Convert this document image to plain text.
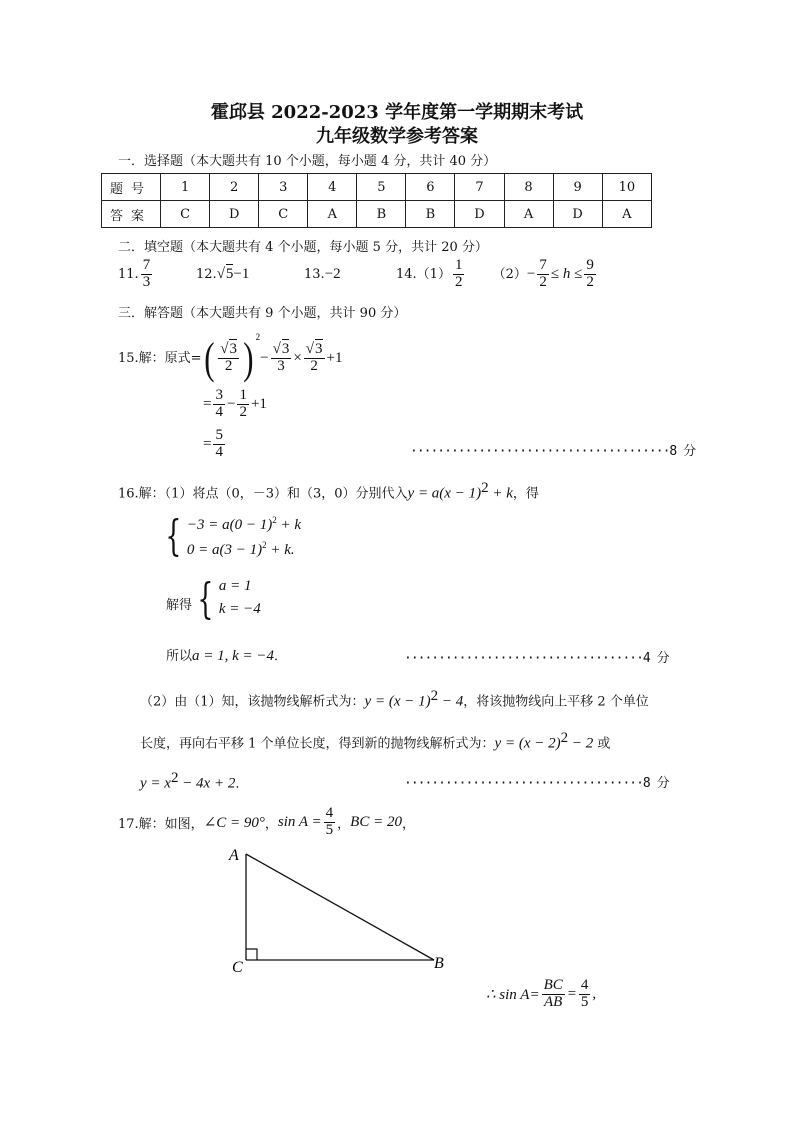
霍邱县 2022-2023 学年度第一学期期末考试
九年级数学参考答案
一．选择题（本大题共有 10 个小题，每小题 4 分，共计 40 分）
题号	1	2	3	4	5	6	7	8	9	10
答案	C	D	C	A	B	B	D	A	D	A
二．填空题（本大题共有 4 个小题，每小题 5 分，共计 20 分）
11. $\frac{7}{3}$	12.√5−1	13.−2	$14.(1) \frac{1}{2} (2)- \frac{7}{2} \le h \le \frac{9}{2}$
三．解答题（本大题共有 9 个小题，共计 90 分）
15.解：原式=( $\frac{√3}{2}$ ) $^2- \frac{√3}{3} \times \frac{√3}{2} +1$
= $\frac{3}{4} - \frac{1}{2} +1$
= $\frac{5}{4}$	······································8 分
16.解：（1）将点（0，－3）和（3，0）分别代入$y = a(x - 1)^2 + k$，得
{ $-3 = a(0 - 1)^2 + k$
$0 = a(3 - 1)^2 + k$.
解得 { a = 1
k = −4
所以a = 1, k = −4．	···································4 分
（2）由（1）知，该抛物线解析式为：$y = (x - 1)^2 - 4$，将该抛物线向上平移 2 个单位
长度，再向右平移 1 个单位长度，得到新的抛物线解析式为：$y = (x - 2)^2 - 2$ 或
$y = x^2 - 4x + 2$．	···································8 分
17.解：如图，∠C = 90°，$\sin A = \frac{4}{5}$ ，BC = 20，
A
B
C
∴ $\sin A= \frac{BC}{AB} = \frac{4}{5}$ ,
